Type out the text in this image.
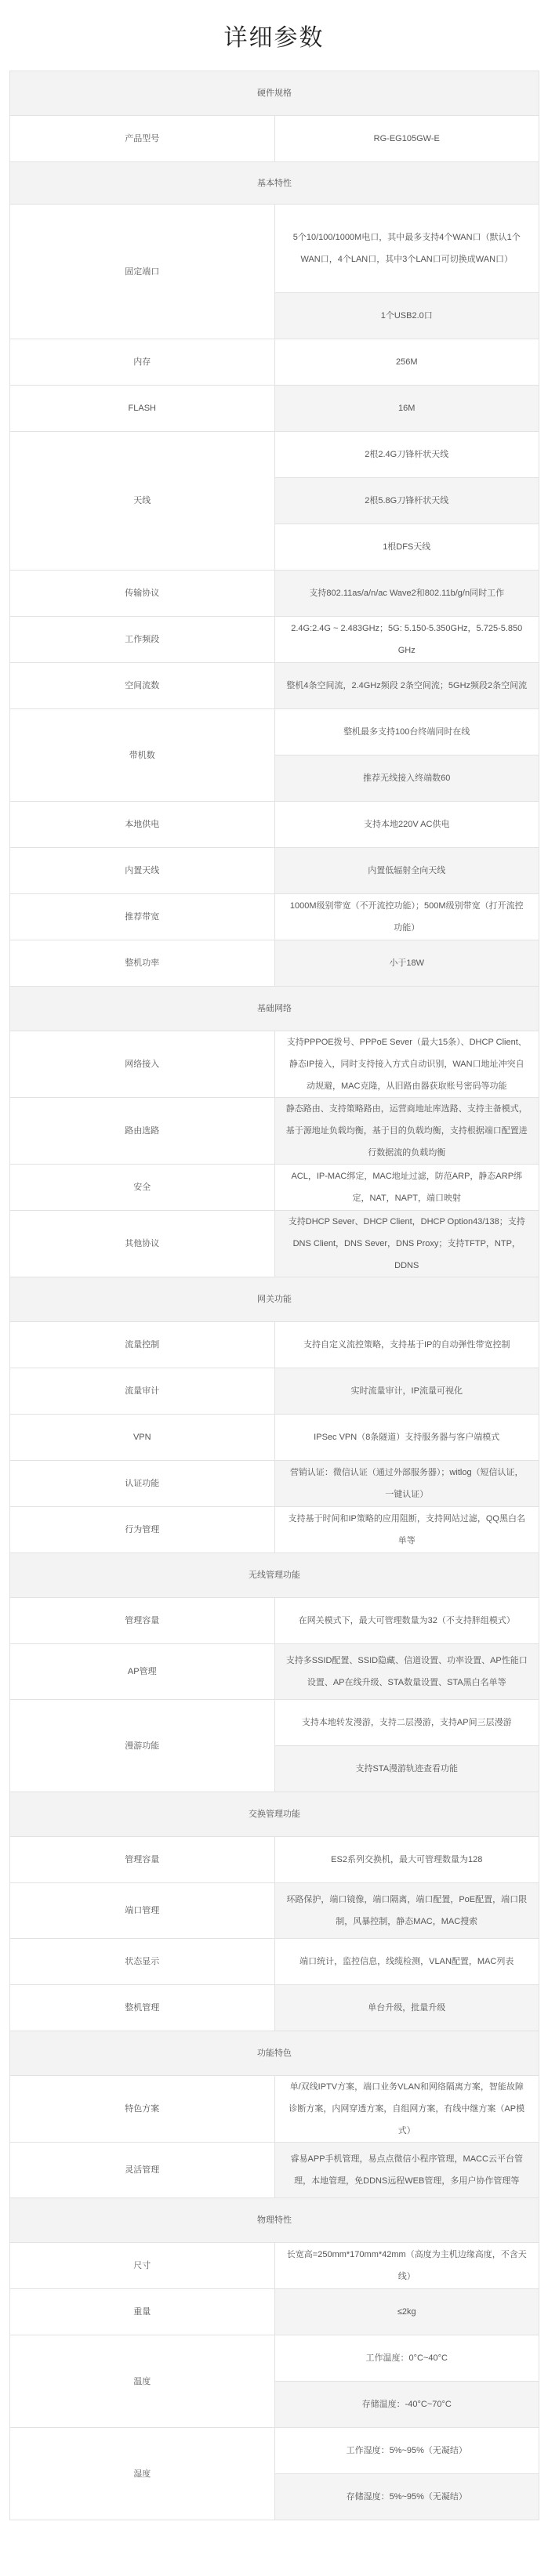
详细参数
硬件规格	
产品型号	RG-EG105GW-E
基本特性	
固定端口	5个10/100/1000M电口，其中最多支持4个WAN口（默认1个WAN口，4个LAN口，其中3个LAN口可切换成WAN口）
	1个USB2.0口
内存	256M
FLASH	16M
天线	2根2.4G刀锋杆状天线
	2根5.8G刀锋杆状天线
	1根DFS天线
传输协议	支持802.11as/a/n/ac Wave2和802.11b/g/n同时工作
工作频段	2.4G:2.4G ~ 2.483GHz；5G: 5.150-5.350GHz，5.725-5.850 GHz
空间流数	整机4条空间流，2.4GHz频段 2条空间流；5GHz频段2条空间流
带机数	整机最多支持100台终端同时在线
	推荐无线接入终端数60
本地供电	支持本地220V AC供电
内置天线	内置低辐射全向天线
推荐带宽	1000M级别带宽（不开流控功能）；500M级别带宽（打开流控功能）
整机功率	小于18W
基础网络	
网络接入	支持PPPOE拨号、PPPoE Sever（最大15条）、DHCP Client、静态IP接入，同时支持接入方式自动识别，WAN口地址冲突自动规避，MAC克隆，从旧路由器获取账号密码等功能
路由选路	静态路由、支持策略路由，运营商地址库选路、支持主备模式，基于源地址负载均衡，基于目的负载均衡，支持根据端口配置进行数据流的负载均衡
安全	ACL，IP-MAC绑定，MAC地址过滤，防范ARP，静态ARP绑定，NAT，NAPT，端口映射
其他协议	支持DHCP Sever、DHCP Client，DHCP Option43/138；支持DNS Client，DNS Sever，DNS Proxy；支持TFTP，NTP，DDNS
网关功能	
流量控制	支持自定义流控策略，支持基于IP的自动弹性带宽控制
流量审计	实时流量审计，IP流量可视化
VPN	IPSec VPN（8条隧道）支持服务器与客户端模式
认证功能	营销认证：微信认证（通过外部服务器）；witlog（短信认证，一键认证）
行为管理	支持基于时间和IP策略的应用阻断，支持网站过滤，QQ黑白名单等
无线管理功能	
管理容量	在网关模式下，最大可管理数量为32（不支持胖组模式）
AP管理	支持多SSID配置、SSID隐藏、信道设置、功率设置、AP性能口设置、AP在线升级、STA数量设置、STA黑白名单等
漫游功能	支持本地转发漫游，支持二层漫游，支持AP间三层漫游
	支持STA漫游轨迹查看功能
交换管理功能	
管理容量	ES2系列交换机，最大可管理数量为128
端口管理	环路保护，端口镜像，端口隔离，端口配置，PoE配置，端口限制，风暴控制，静态MAC，MAC搜索
状态显示	端口统计，监控信息，线缆检测，VLAN配置，MAC列表
整机管理	单台升级，批量升级
功能特色	
特色方案	单/双线IPTV方案，端口业务VLAN和网络隔离方案，智能故障诊断方案，内网穿透方案，自组网方案，有线中继方案（AP模式）
灵活管理	睿易APP手机管理，易点点微信小程序管理，MACC云平台管理，本地管理，免DDNS远程WEB管理，多用户协作管理等
物理特性	
尺寸	长宽高=250mm*170mm*42mm（高度为主机边缘高度，不含天线）
重量	≤2kg
温度	工作温度：0°C~40°C
	存储温度：-40°C~70°C
湿度	工作湿度：5%~95%（无凝结）
	存储湿度：5%~95%（无凝结）
